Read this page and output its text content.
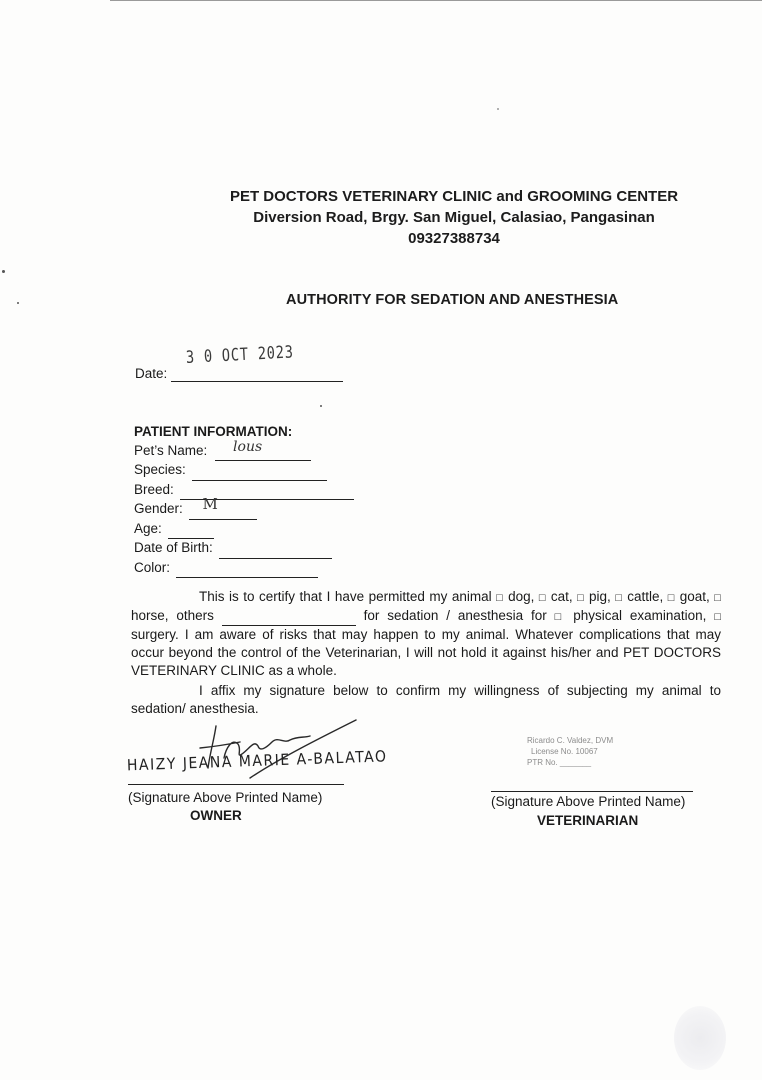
PET DOCTORS VETERINARY CLINIC and GROOMING CENTER
Diversion Road, Brgy. San Miguel, Calasiao, Pangasinan
09327388734
AUTHORITY FOR SEDATION AND ANESTHESIA
Date:
3 0 OCT 2023
PATIENT INFORMATION:
Pet’s Name: lous
Species:
Breed:
Gender: M
Age:
Date of Birth:
Color:

This is to certify that I have permitted my animal □ dog, □ cat, □ pig, □ cattle, □ goat, □ horse, others	for sedation / anesthesia for □ physical examination, □ surgery. I am aware of risks that may happen to my animal. Whatever complications that may occur beyond the control of the Veterinarian, I will not hold it against his/her and PET DOCTORS VETERINARY CLINIC as a whole.

I affix my signature below to confirm my willingness of subjecting my animal to sedation/ anesthesia.

HAIZY JEANA MARIE A-BALATAO
(Signature Above Printed Name)
OWNER
Ricardo C. Valdez, DVM
License No. 10067
PTR No. _______
(Signature Above Printed Name)
VETERINARIAN
